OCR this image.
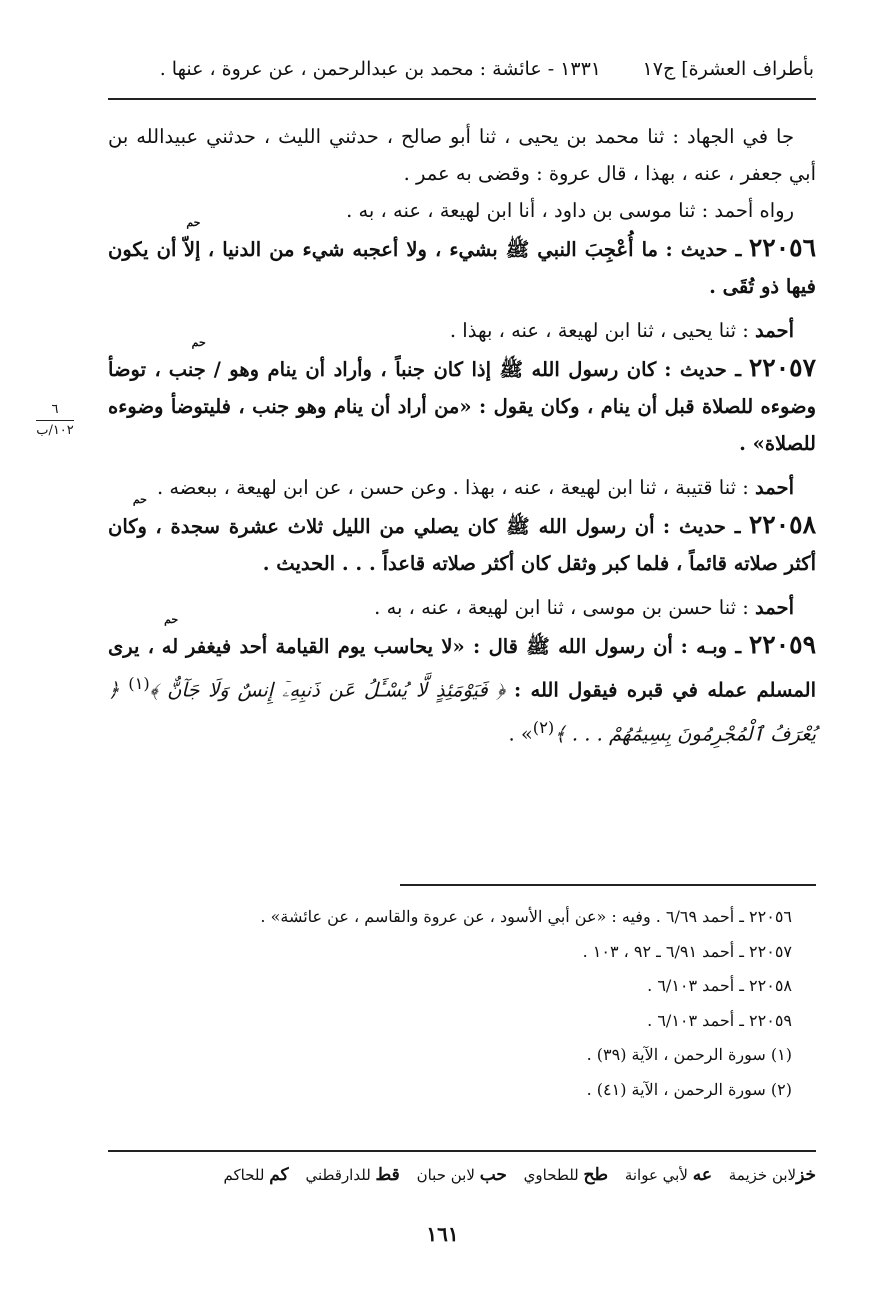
بأطراف العشرة] ج١٧
١٣٣١ - عائشة : محمد بن عبدالرحمن ، عن عروة ، عنها .
٦
١٠٢/ب

جا في الجهاد : ثنا محمد بن يحيى ، ثنا أبو صالح ، حدثني الليث ، حدثني عبيدالله بن أبي جعفر ، عنه ، بهذا ، قال عروة : وقضى به عمر .

رواه أحمد : ثنا موسى بن داود ، أنا ابن لهيعة ، عنه ، به .

٢٢٠٥٦ ـ حديث : ما أُعْجِبَ النبي ﷺ بشيء ، ولا أعجبه شيء من الدنيا ،
حم
إلاّ أن يكون فيها ذو تُقَى .

أحمد : ثنا يحيى ، ثنا ابن لهيعة ، عنه ، بهذا .

٢٢٠٥٧ ـ حديث : كان رسول الله ﷺ إذا كان جنباً ، وأراد أن ينام وهو /
حم
جنب ، توضأ وضوءه للصلاة قبل أن ينام ، وكان يقول : «من أراد أن ينام وهو جنب ، فليتوضأ وضوءه للصلاة» .

أحمد : ثنا قتيبة ، ثنا ابن لهيعة ، عنه ، بهذا . وعن حسن ، عن ابن لهيعة ، ببعضه .

٢٢٠٥٨ ـ حديث : أن رسول الله ﷺ كان يصلي من الليل ثلاث عشرة سجدة ،
حم
وكان أكثر صلاته قائماً ، فلما كبر وثقل كان أكثر صلاته قاعداً . . . الحديث .

أحمد : ثنا حسن بن موسى ، ثنا ابن لهيعة ، عنه ، به .

٢٢٠٥٩ ـ وبـه : أن رسول الله ﷺ قال : «لا يحاسب يوم القيامة أحد فيغفر
حم
له ، يرى المسلم عمله في قبره فيقول الله : ﴿ فَيَوْمَئِذٍ لَّا يُسْـَٔلُ عَن ذَنبِهِۦٓ إِنسٌ وَلَا جَآنٌّ ﴾$^{(١)}$ ﴿ يُعْرَفُ ٱلْمُجْرِمُونَ بِسِيمَٰهُمْ . . . ﴾$^{(٢)}$» .

٢٢٠٥٦ ـ أحمد ٦/٦٩ . وفيه : «عن أبي الأسود ، عن عروة والقاسم ، عن عائشة» .

٢٢٠٥٧ ـ أحمد ٦/٩١ ـ ٩٢ ، ١٠٣ .

٢٢٠٥٨ ـ أحمد ٦/١٠٣ .

٢٢٠٥٩ ـ أحمد ٦/١٠٣ .

(١) سورة الرحمن ، الآية (٣٩) .

(٢) سورة الرحمن ، الآية (٤١) .

خزلابن خزيمة عه لأبي عوانة طح للطحاوي حب لابن حبان قط للدارقطني كم للحاكم
١٦١
